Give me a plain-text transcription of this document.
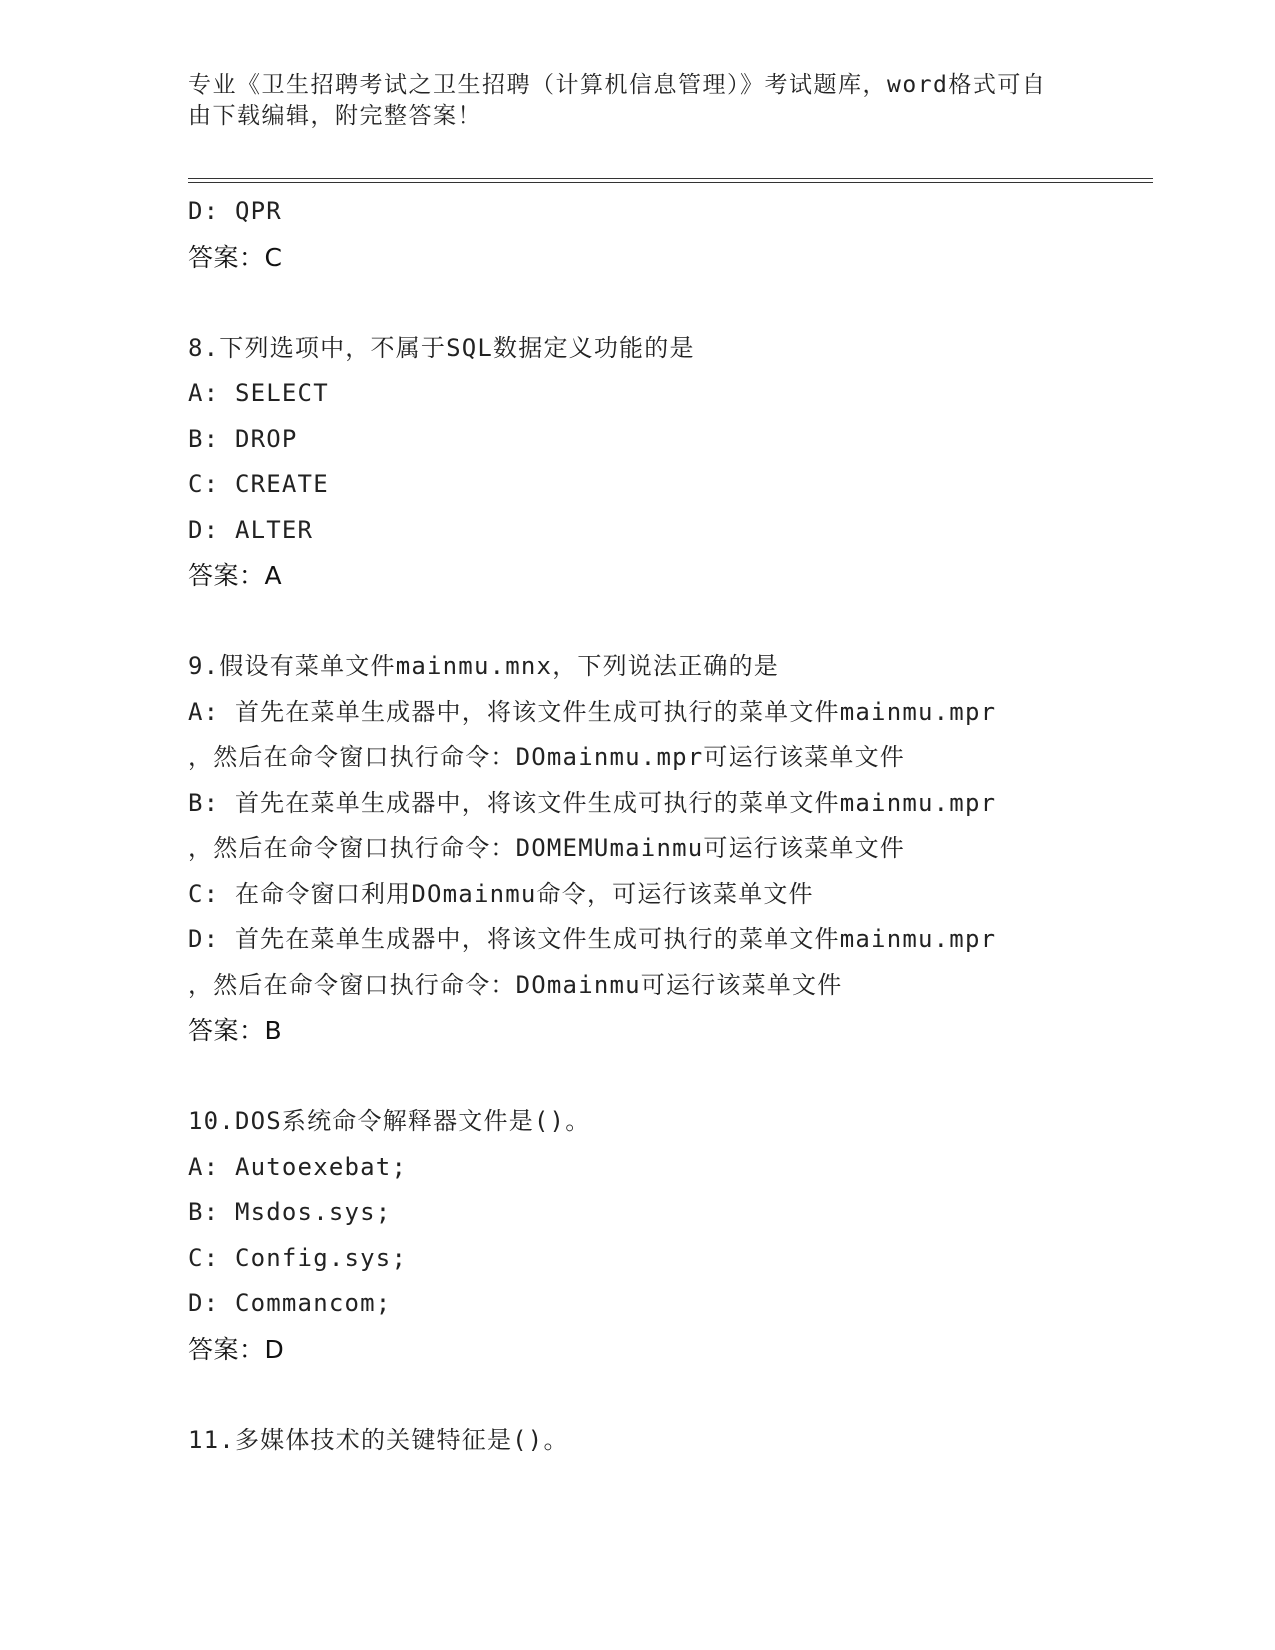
专业《卫生招聘考试之卫生招聘（计算机信息管理）》考试题库，word格式可自
由下载编辑，附完整答案！
D: QPR
答案：C
8.下列选项中，不属于SQL数据定义功能的是
A: SELECT
B: DROP
C: CREATE
D: ALTER
答案：A
9.假设有菜单文件mainmu.mnx，下列说法正确的是
A: 首先在菜单生成器中，将该文件生成可执行的菜单文件mainmu.mpr
，然后在命令窗口执行命令：DOmainmu.mpr可运行该菜单文件
B: 首先在菜单生成器中，将该文件生成可执行的菜单文件mainmu.mpr
，然后在命令窗口执行命令：DOMEMUmainmu可运行该菜单文件
C: 在命令窗口利用DOmainmu命令，可运行该菜单文件
D: 首先在菜单生成器中，将该文件生成可执行的菜单文件mainmu.mpr
，然后在命令窗口执行命令：DOmainmu可运行该菜单文件
答案：B
10.DOS系统命令解释器文件是()。
A: Autoexebat;
B: Msdos.sys;
C: Config.sys;
D: Commancom;
答案：D
11.多媒体技术的关键特征是()。
